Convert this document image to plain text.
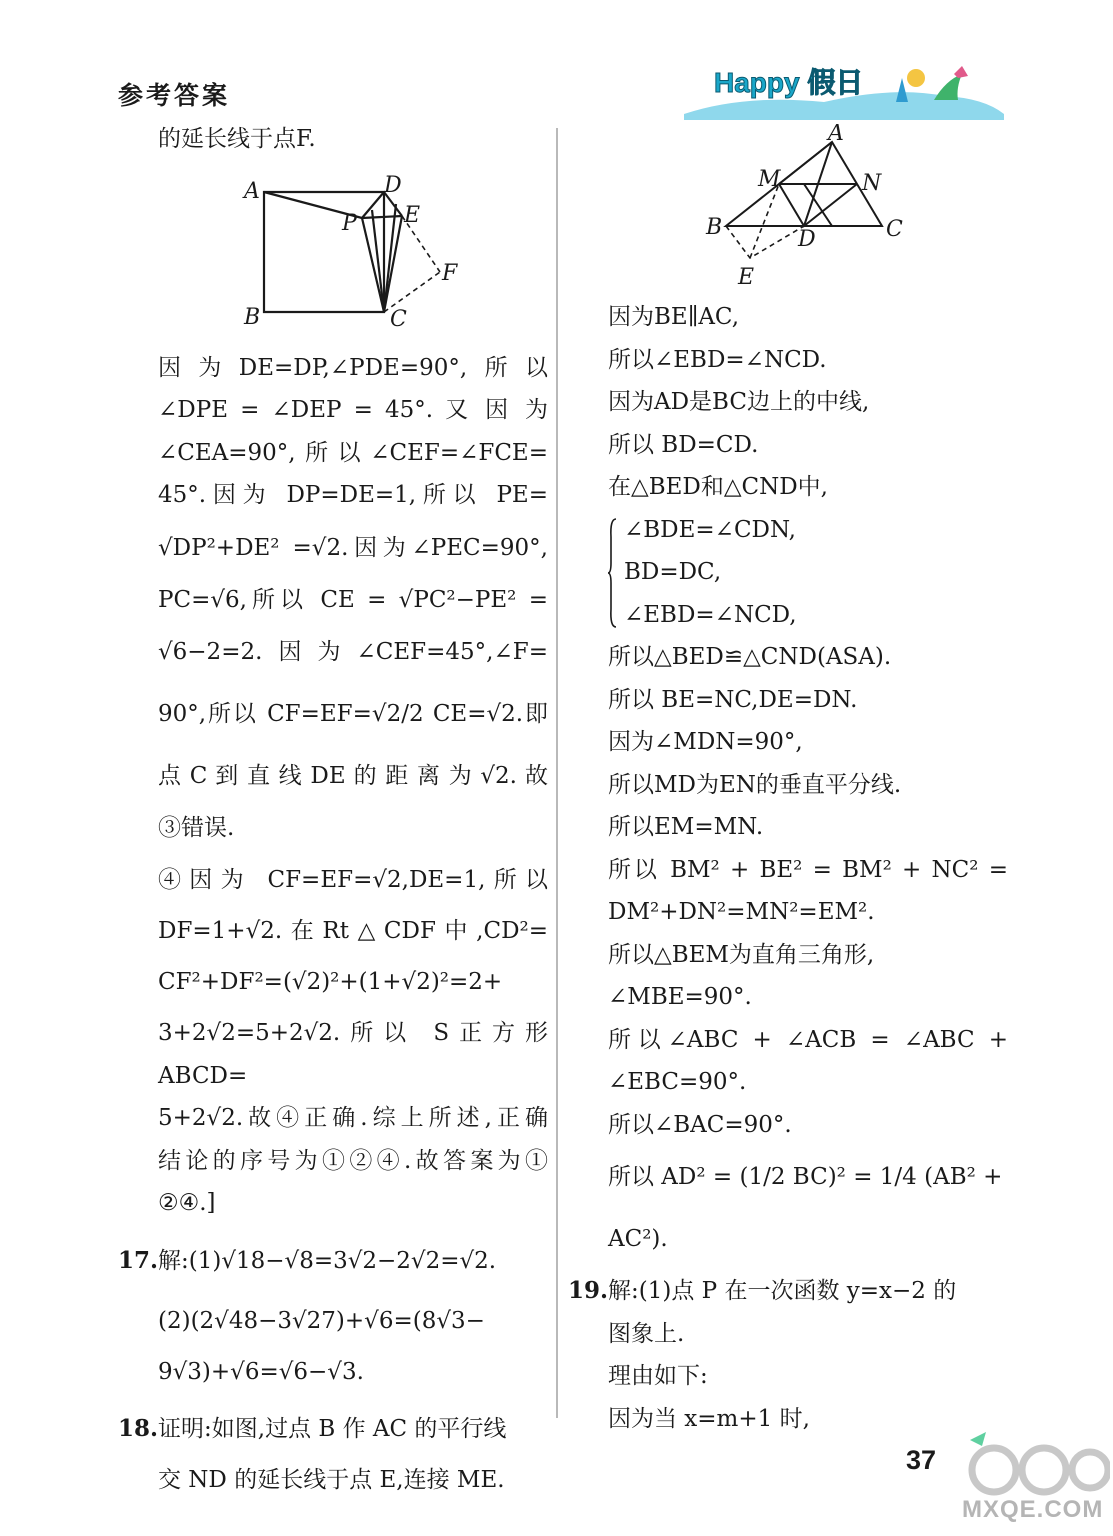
参考答案	Happy 假日
A
B	C
D
E
F
P
A
B	C
D
E
M	N
的延长线于点F.
因为DE=DP,∠PDE=90°,所以
∠DPE = ∠DEP = 45°. 又 因 为
∠CEA=90°,所以∠CEF=∠FCE=
45°.因为 DP=DE=1,所以 PE=
√DP²+DE² =√2.因为∠PEC=90°,
PC=√6,所以 CE = √PC²−PE² =
√6−2=2.因为∠CEF=45°,∠F=
90°,所以 CF=EF=√2/2 CE=√2.即
点 C 到 直 线 DE 的 距 离 为 √2. 故
③错误.
④因为 CF=EF=√2,DE=1,所以
DF=1+√2.在Rt△CDF中,CD²=
CF²+DF²=(√2)²+(1+√2)²=2+
3+2√2=5+2√2.所以 S正方形ABCD=
5+2√2.故④正确.综上所述,正确
结论的序号为①②④.故答案为①
②④.]
17.解:(1)√18−√8=3√2−2√2=√2.
(2)(2√48−3√27)+√6=(8√3−
9√3)+√6=√6−√3.
18.证明:如图,过点 B 作 AC 的平行线
交 ND 的延长线于点 E,连接 ME.
因为BE∥AC,
所以∠EBD=∠NCD.
因为AD是BC边上的中线,
所以 BD=CD.
在△BED和△CND中,
∠BDE=∠CDN,
BD=DC,
∠EBD=∠NCD,
所以△BED≌△CND(ASA).
所以 BE=NC,DE=DN.
因为∠MDN=90°,
所以MD为EN的垂直平分线.
所以EM=MN.
所以 BM² + BE² = BM² + NC² =
DM²+DN²=MN²=EM².
所以△BEM为直角三角形,
∠MBE=90°.
所以∠ABC + ∠ACB = ∠ABC +
∠EBC=90°.
所以∠BAC=90°.
所以 AD² = (1/2 BC)² = 1/4 (AB² +
AC²).
19.解:(1)点 P 在一次函数 y=x−2 的
图象上.
理由如下:
因为当 x=m+1 时,
37
MXQE.COM
